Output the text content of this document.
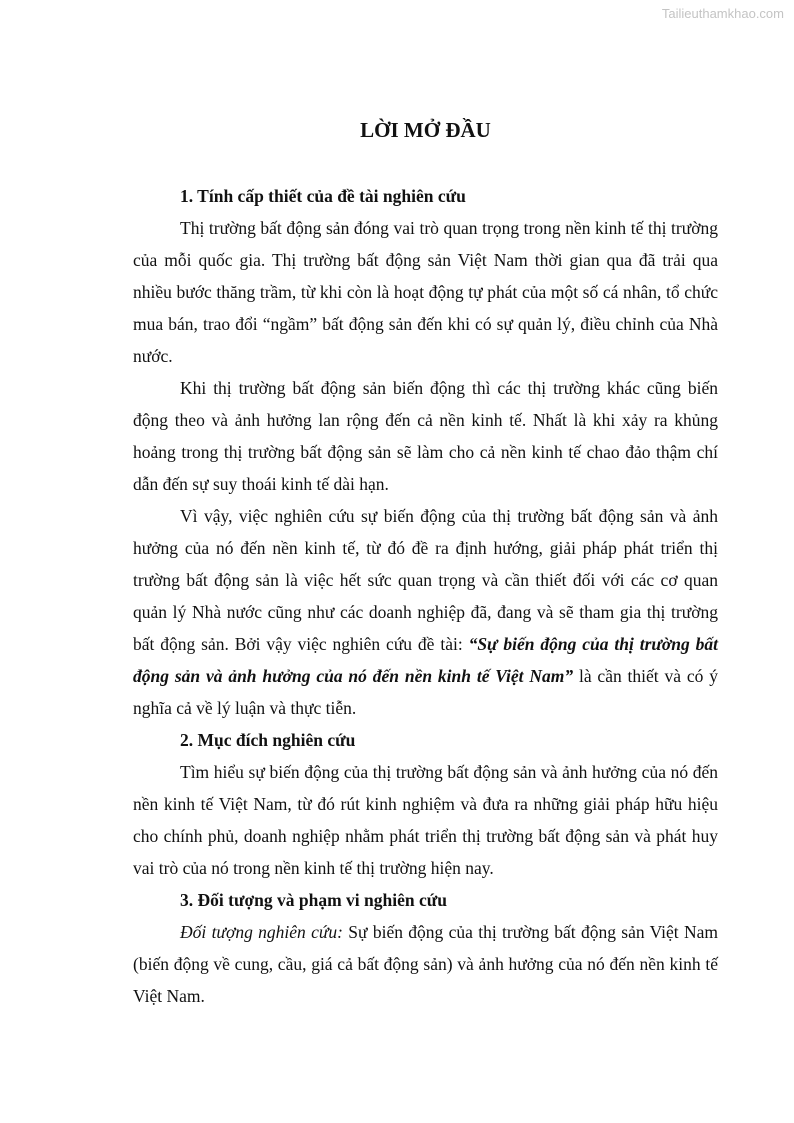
Tailieuthamkhao.com
LỜI MỞ ĐẦU

1. Tính cấp thiết của đề tài nghiên cứu

Thị trường bất động sản đóng vai trò quan trọng trong nền kinh tế thị trường của mỗi quốc gia. Thị trường bất động sản Việt Nam thời gian qua đã trải qua nhiều bước thăng trầm, từ khi còn là hoạt động tự phát của một số cá nhân, tổ chức mua bán, trao đổi “ngầm” bất động sản đến khi có sự quản lý, điều chỉnh của Nhà nước.

Khi thị trường bất động sản biến động thì các thị trường khác cũng biến động theo và ảnh hưởng lan rộng đến cả nền kinh tế. Nhất là khi xảy ra khủng hoảng trong thị trường bất động sản sẽ làm cho cả nền kinh tế chao đảo thậm chí dẫn đến sự suy thoái kinh tế dài hạn.

Vì vậy, việc nghiên cứu sự biến động của thị trường bất động sản và ảnh hưởng của nó đến nền kinh tế, từ đó đề ra định hướng, giải pháp phát triển thị trường bất động sản là việc hết sức quan trọng và cần thiết đối với các cơ quan quản lý Nhà nước cũng như các doanh nghiệp đã, đang và sẽ tham gia thị trường bất động sản. Bởi vậy việc nghiên cứu đề tài: “Sự biến động của thị trường bất động sản và ảnh hưởng của nó đến nền kinh tế Việt Nam” là cần thiết và có ý nghĩa cả về lý luận và thực tiễn.

2. Mục đích nghiên cứu

Tìm hiểu sự biến động của thị trường bất động sản và ảnh hưởng của nó đến nền kinh tế Việt Nam, từ đó rút kinh nghiệm và đưa ra những giải pháp hữu hiệu cho chính phủ, doanh nghiệp nhằm phát triển thị trường bất động sản và phát huy vai trò của nó trong nền kinh tế thị trường hiện nay.

3. Đối tượng và phạm vi nghiên cứu

Đối tượng nghiên cứu: Sự biến động của thị trường bất động sản Việt Nam (biến động về cung, cầu, giá cả bất động sản) và ảnh hưởng của nó đến nền kinh tế Việt Nam.
